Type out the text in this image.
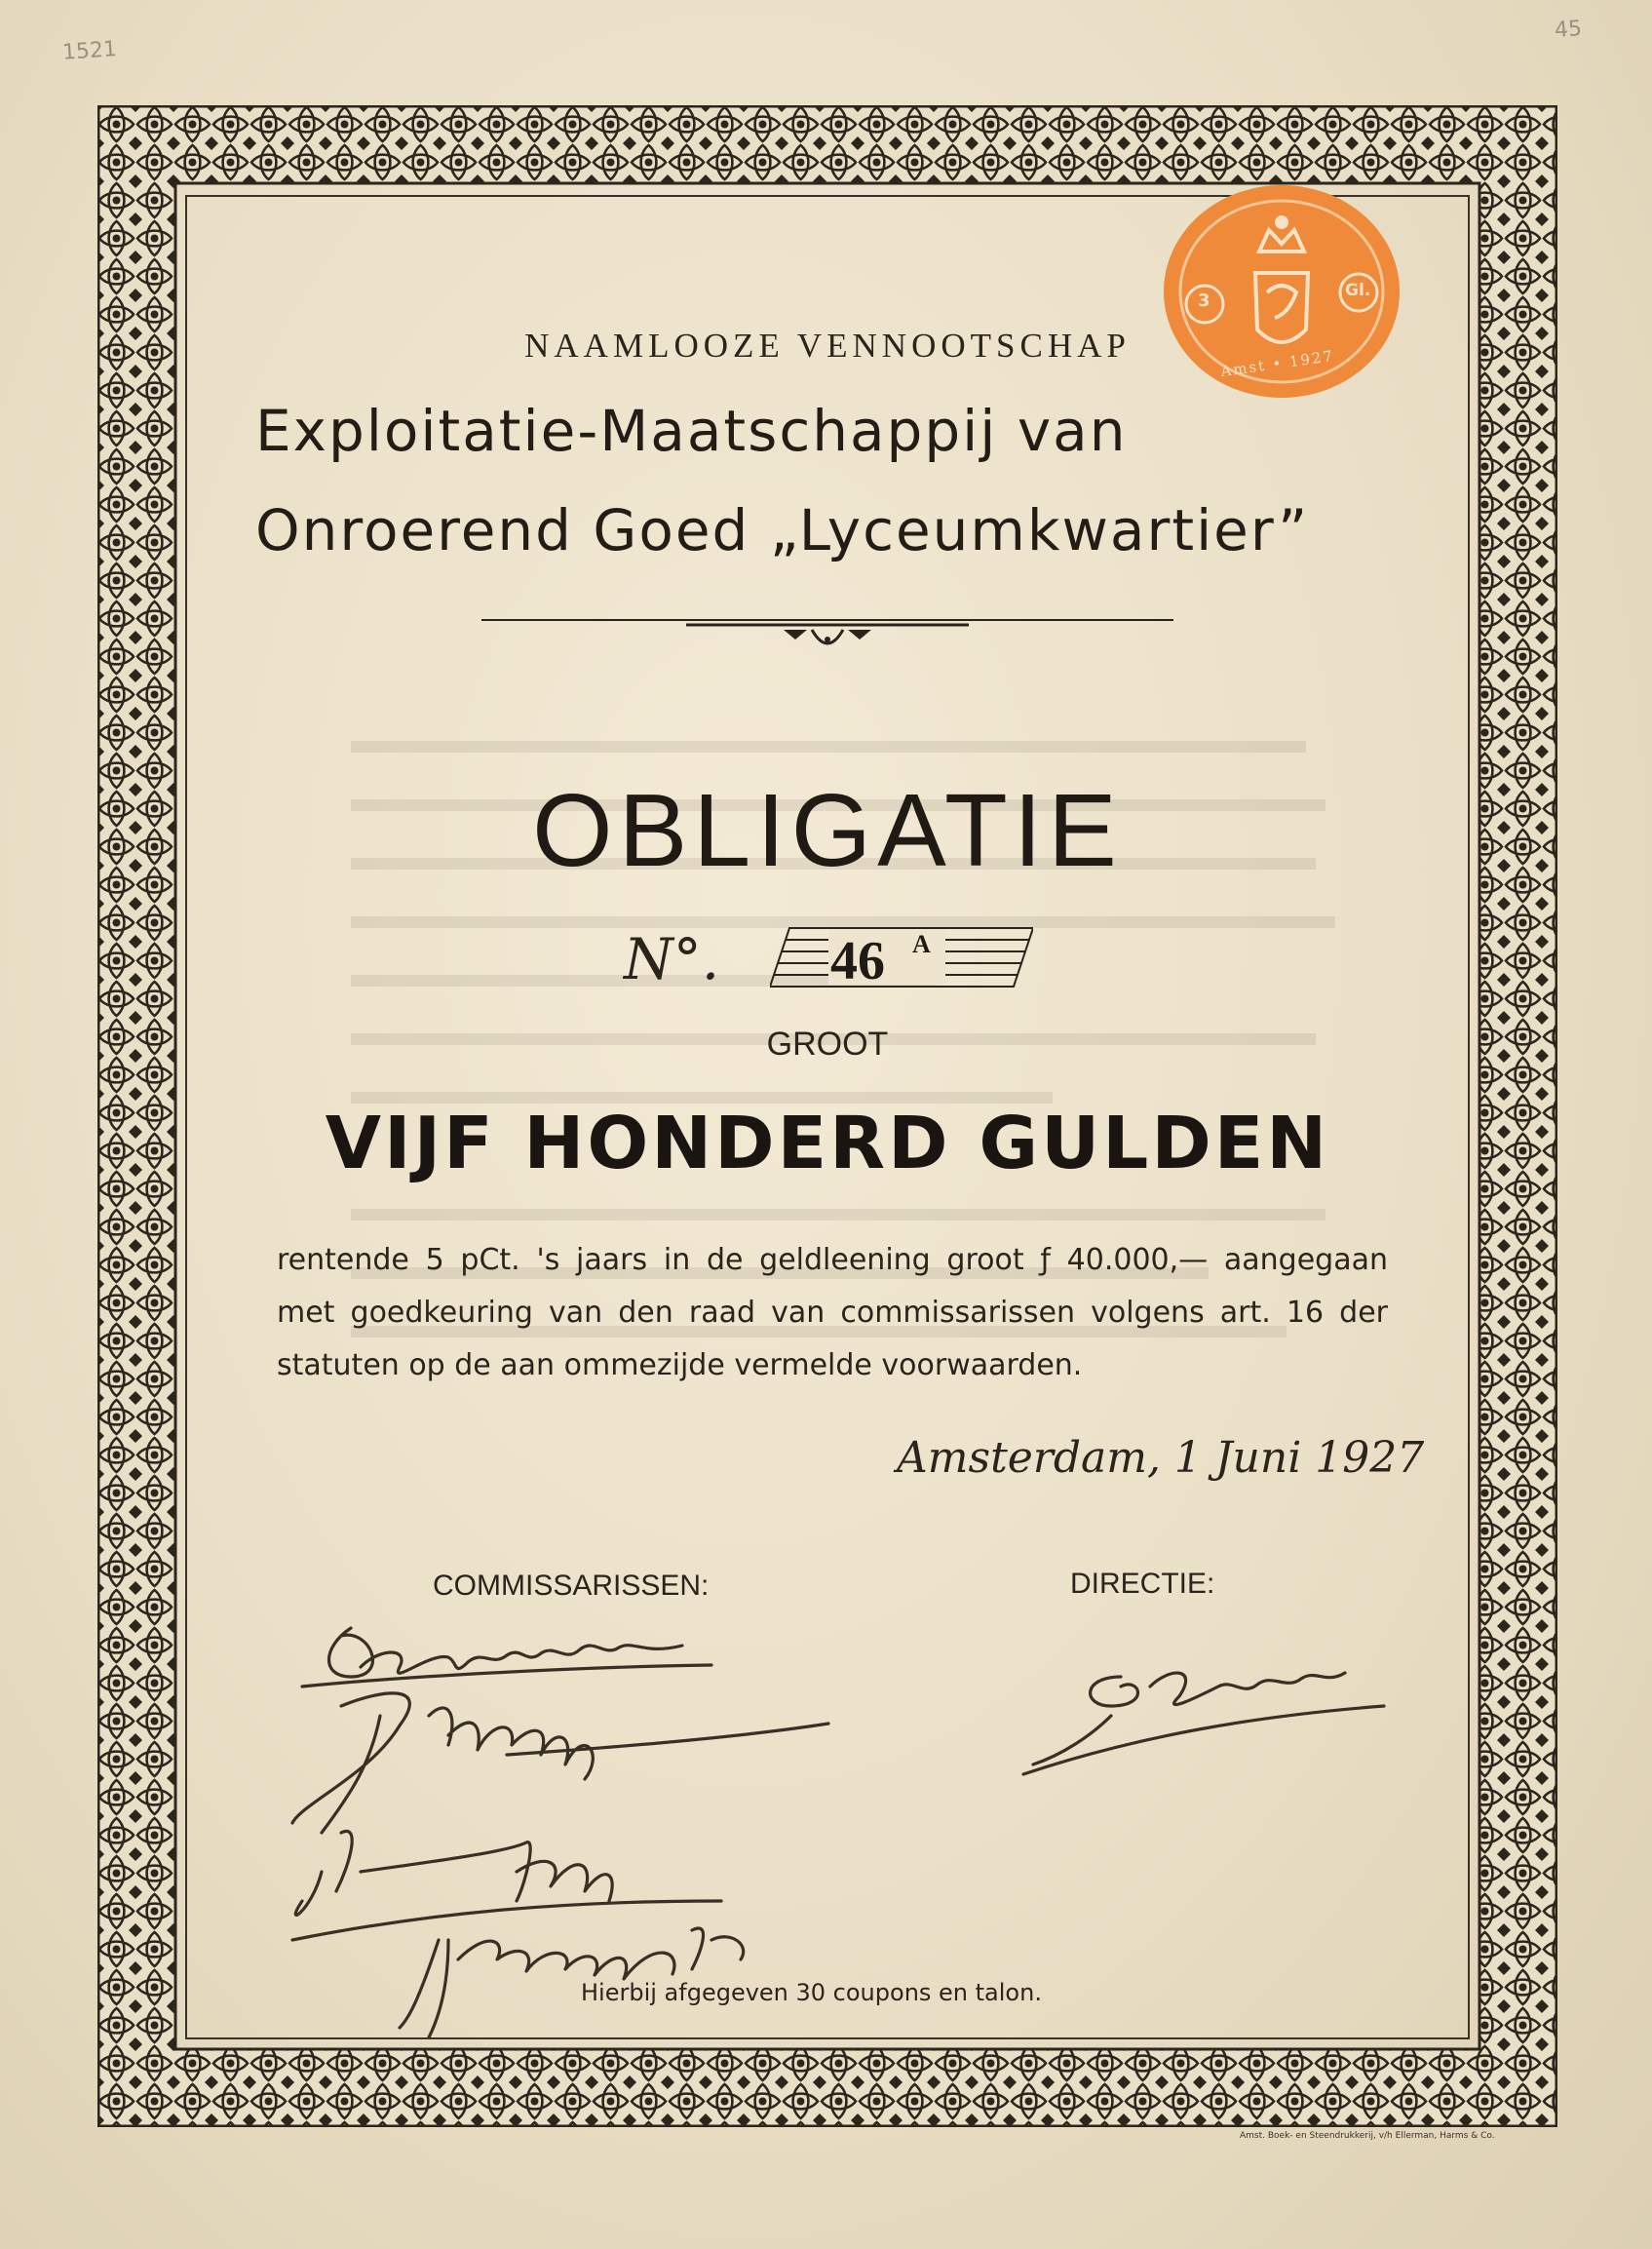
1521
45
3	Gl.
Amst • 1927
NAAMLOOZE VENNOOTSCHAP
Exploitatie-Maatschappij van
Onroerend Goed „Lyceumkwartier”
OBLIGATIE
N°. 46 A
GROOT
VIJF HONDERD GULDEN
rentende 5 pCt. 's jaars in de geldleening groot ƒ 40.000,— aangegaan
met goedkeuring van den raad van commissarissen volgens art. 16 der
statuten op de aan ommezijde vermelde voorwaarden.
Amsterdam, 1 Juni 1927
COMMISSARISSEN:	DIRECTIE:
Hierbij afgegeven 30 coupons en talon.
Amst. Boek- en Steendrukkerij, v/h Ellerman, Harms & Co.
